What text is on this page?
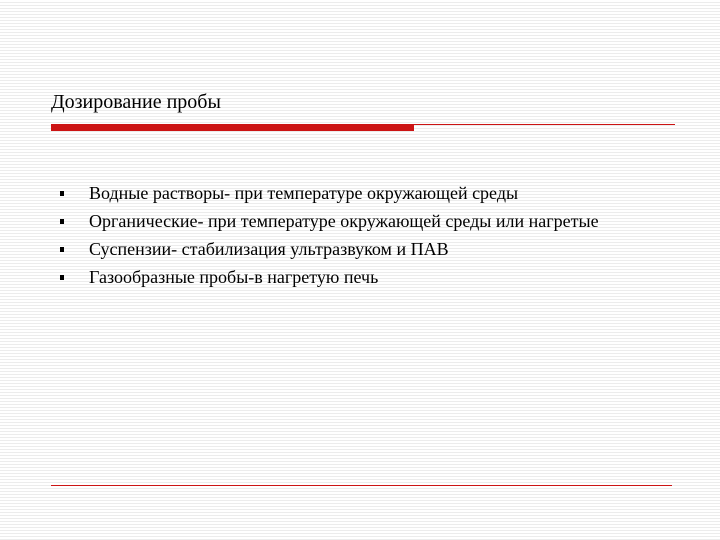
Дозирование пробы
Водные растворы- при температуре окружающей среды
Органические- при температуре окружающей среды или нагретые
Суспензии- стабилизация ультразвуком и ПАВ
Газообразные пробы-в нагретую печь
